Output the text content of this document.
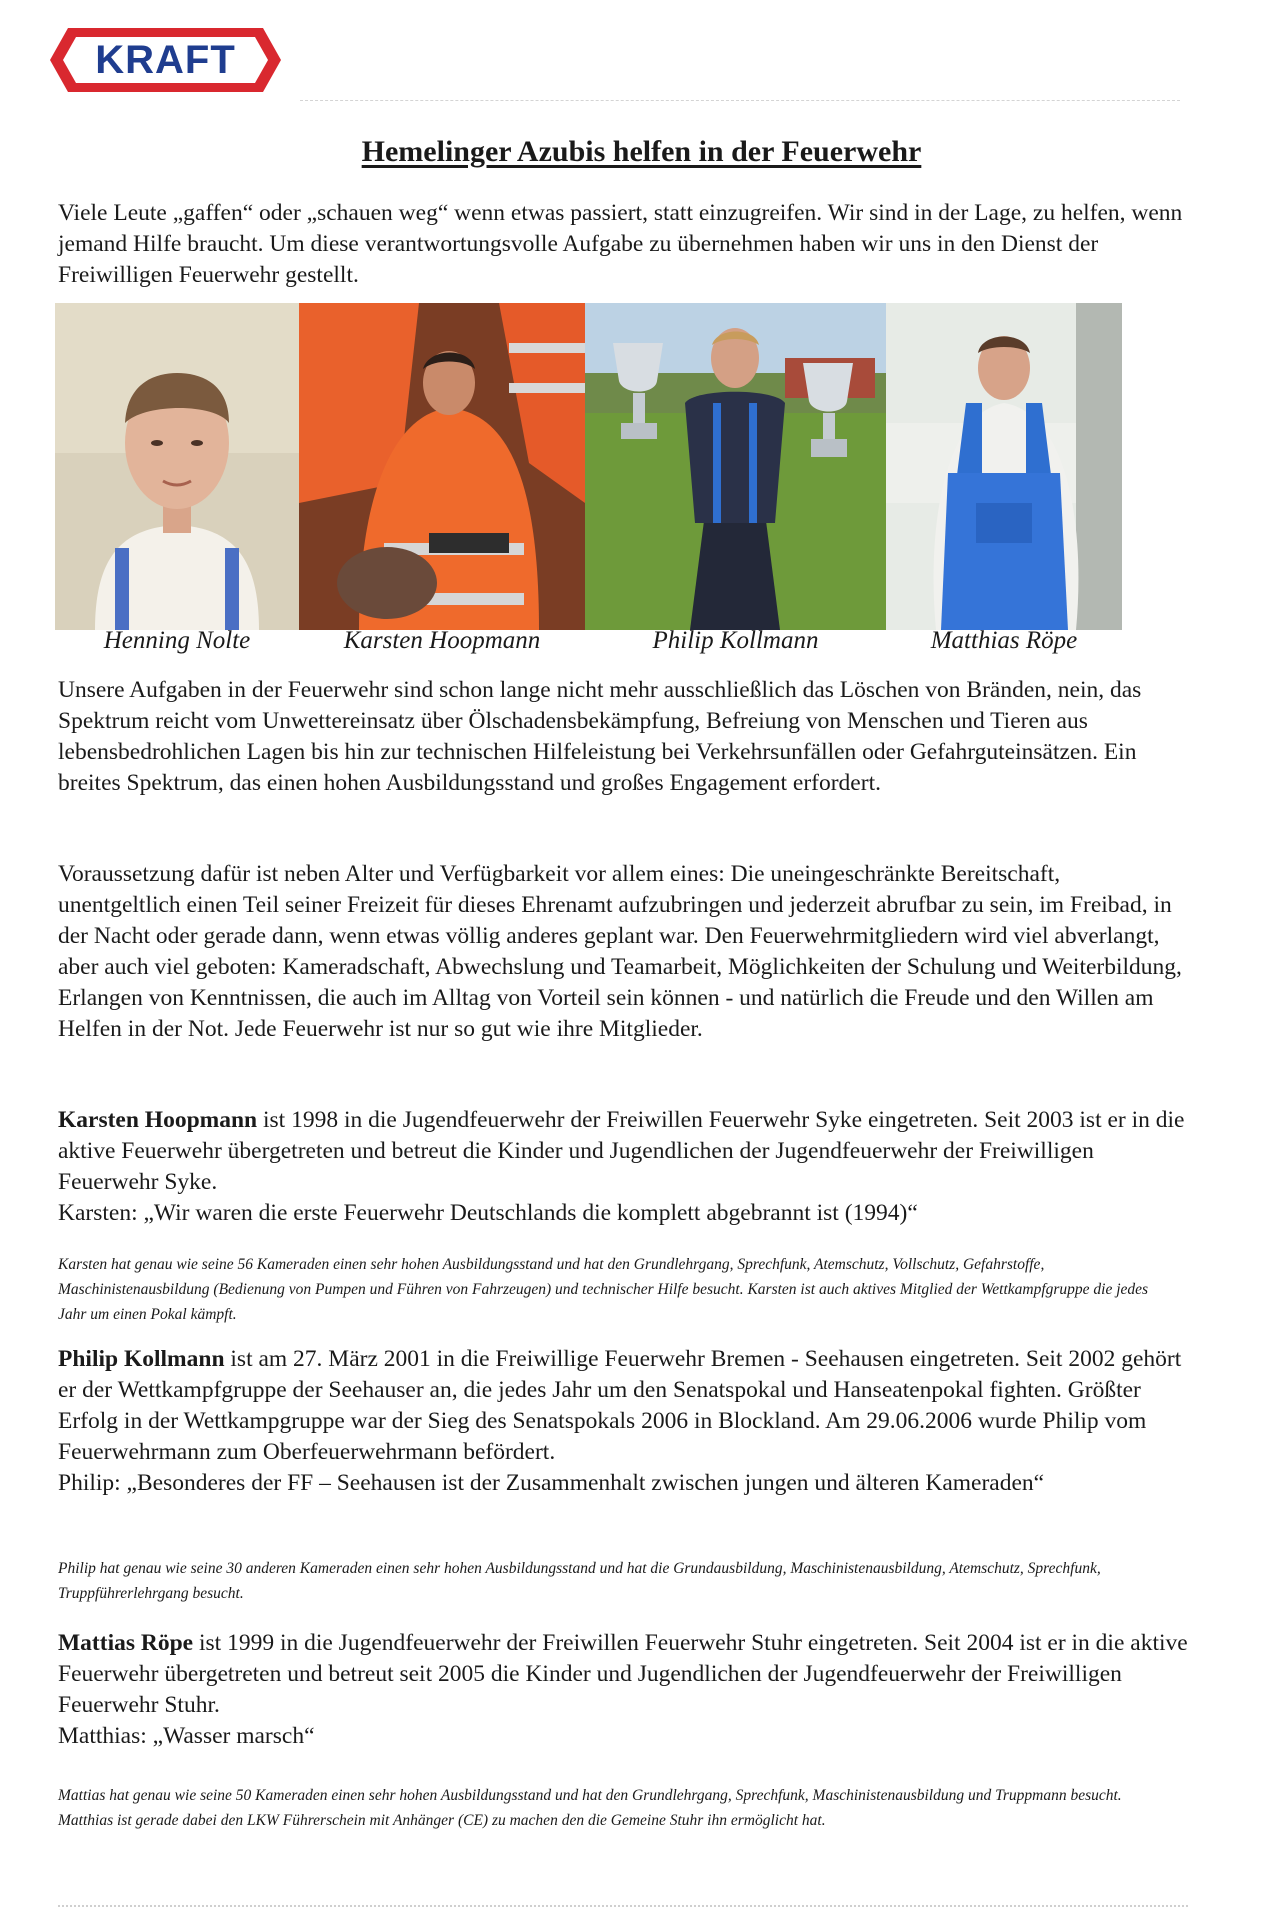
KRAFT
Hemelinger Azubis helfen in der Feuerwehr

Viele Leute „gaffen“ oder „schauen weg“ wenn etwas passiert, statt einzugreifen. Wir sind in der Lage, zu helfen, wenn jemand Hilfe braucht. Um diese verantwortungsvolle Aufgabe zu übernehmen haben wir uns in den Dienst der Freiwilligen Feuerwehr gestellt.

Henning Nolte	Karsten Hoopmann	Philip Kollmann	Matthias Röpe

Unsere Aufgaben in der Feuerwehr sind schon lange nicht mehr ausschließlich das Löschen von Bränden, nein, das Spektrum reicht vom Unwettereinsatz über Ölschadensbekämpfung, Befreiung von Menschen und Tieren aus lebensbedrohlichen Lagen bis hin zur technischen Hilfeleistung bei Verkehrsunfällen oder Gefahrguteinsätzen. Ein breites Spektrum, das einen hohen Ausbildungsstand und großes Engagement erfordert.

Voraussetzung dafür ist neben Alter und Verfügbarkeit vor allem eines: Die uneingeschränkte Bereitschaft, unentgeltlich einen Teil seiner Freizeit für dieses Ehrenamt aufzubringen und jederzeit abrufbar zu sein, im Freibad, in der Nacht oder gerade dann, wenn etwas völlig anderes geplant war. Den Feuerwehrmitgliedern wird viel abverlangt, aber auch viel geboten: Kameradschaft, Abwechslung und Teamarbeit, Möglichkeiten der Schulung und Weiterbildung, Erlangen von Kenntnissen, die auch im Alltag von Vorteil sein können - und natürlich die Freude und den Willen am Helfen in der Not. Jede Feuerwehr ist nur so gut wie ihre Mitglieder.

Karsten Hoopmann ist 1998 in die Jugendfeuerwehr der Freiwillen Feuerwehr Syke eingetreten. Seit 2003 ist er in die aktive Feuerwehr übergetreten und betreut die Kinder und Jugendlichen der Jugendfeuerwehr der Freiwilligen Feuerwehr Syke.
Karsten: „Wir waren die erste Feuerwehr Deutschlands die komplett abgebrannt ist (1994)“

Karsten hat genau wie seine 56 Kameraden einen sehr hohen Ausbildungsstand und hat den Grundlehrgang, Sprechfunk, Atemschutz, Vollschutz, Gefahrstoffe, Maschinistenausbildung (Bedienung von Pumpen und Führen von Fahrzeugen) und technischer Hilfe besucht. Karsten ist auch aktives Mitglied der Wettkampfgruppe die jedes Jahr um einen Pokal kämpft.

Philip Kollmann ist am 27. März 2001 in die Freiwillige Feuerwehr Bremen - Seehausen eingetreten. Seit 2002 gehört er der Wettkampfgruppe der Seehauser an, die jedes Jahr um den Senatspokal und Hanseatenpokal fighten. Größter Erfolg in der Wettkampgruppe war der Sieg des Senatspokals 2006 in Blockland. Am 29.06.2006 wurde Philip vom Feuerwehrmann zum Oberfeuerwehrmann befördert.
Philip: „Besonderes der FF – Seehausen ist der Zusammenhalt zwischen jungen und älteren Kameraden“

Philip hat genau wie seine 30 anderen Kameraden einen sehr hohen Ausbildungsstand und hat die Grundausbildung, Maschinistenausbildung, Atemschutz, Sprechfunk, Truppführerlehrgang besucht.

Mattias Röpe ist 1999 in die Jugendfeuerwehr der Freiwillen Feuerwehr Stuhr eingetreten. Seit 2004 ist er in die aktive Feuerwehr übergetreten und betreut seit 2005 die Kinder und Jugendlichen der Jugendfeuerwehr der Freiwilligen Feuerwehr Stuhr.
Matthias: „Wasser marsch“

Mattias hat genau wie seine 50 Kameraden einen sehr hohen Ausbildungsstand und hat den Grundlehrgang, Sprechfunk, Maschinistenausbildung und Truppmann besucht. Matthias ist gerade dabei den LKW Führerschein mit Anhänger (CE) zu machen den die Gemeine Stuhr ihn ermöglicht hat.
